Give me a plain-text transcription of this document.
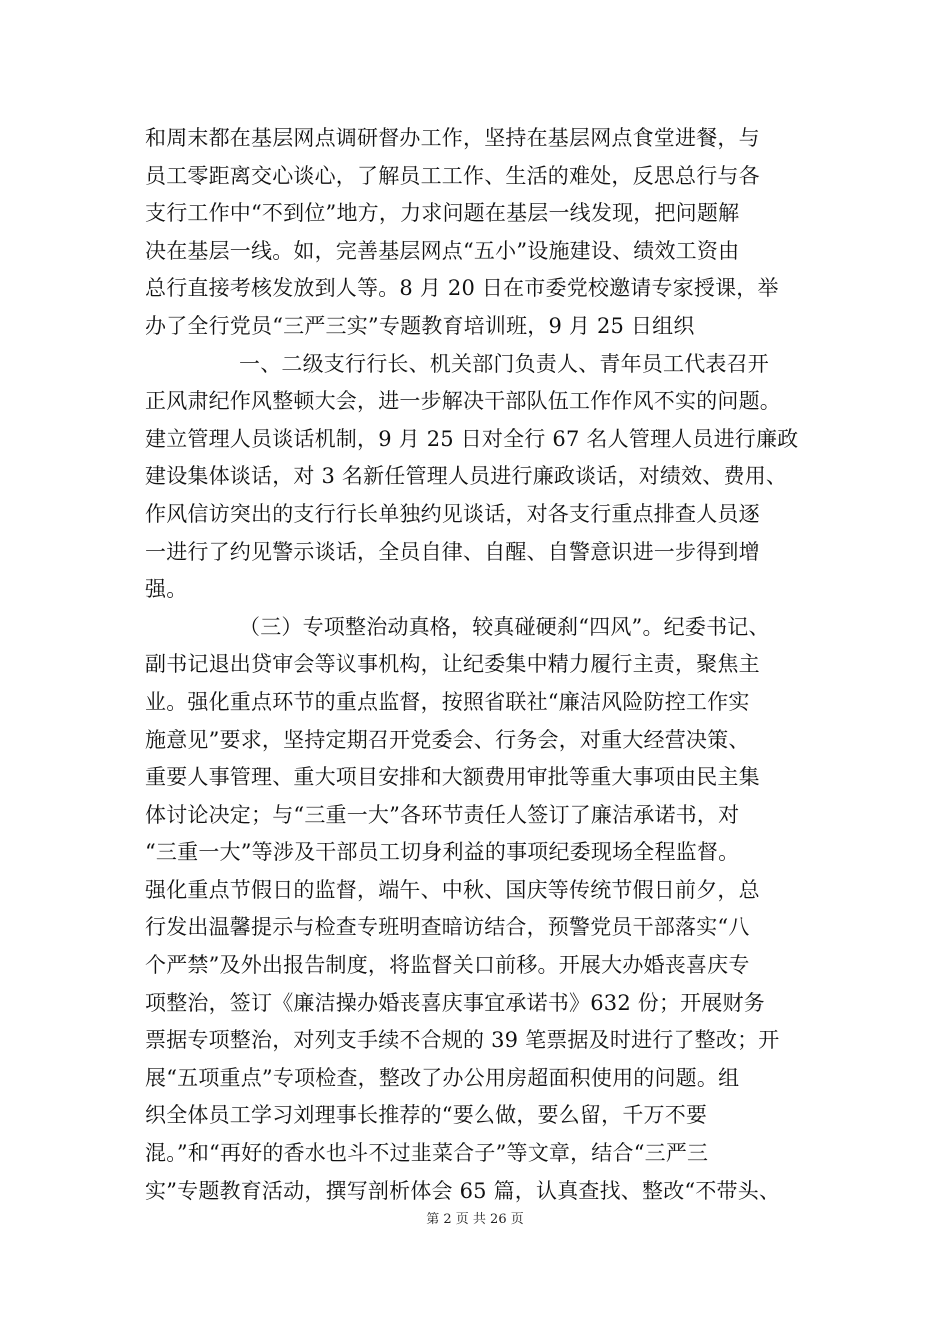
和周末都在基层网点调研督办工作，坚持在基层网点食堂进餐，与
员工零距离交心谈心，了解员工工作、生活的难处，反思总行与各
支行工作中“不到位”地方，力求问题在基层一线发现，把问题解
决在基层一线。如，完善基层网点“五小”设施建设、绩效工资由
总行直接考核发放到人等。8 月 20 日在市委党校邀请专家授课，举
办了全行党员“三严三实”专题教育培训班，9 月 25 日组织
一、二级支行行长、机关部门负责人、青年员工代表召开
正风肃纪作风整顿大会，进一步解决干部队伍工作作风不实的问题。
建立管理人员谈话机制，9 月 25 日对全行 67 名人管理人员进行廉政
建设集体谈话，对 3 名新任管理人员进行廉政谈话，对绩效、费用、
作风信访突出的支行行长单独约见谈话，对各支行重点排查人员逐
一进行了约见警示谈话，全员自律、自醒、自警意识进一步得到增
强。
（三）专项整治动真格，较真碰硬刹“四风”。纪委书记、
副书记退出贷审会等议事机构，让纪委集中精力履行主责，聚焦主
业。强化重点环节的重点监督，按照省联社“廉洁风险防控工作实
施意见”要求，坚持定期召开党委会、行务会，对重大经营决策、
重要人事管理、重大项目安排和大额费用审批等重大事项由民主集
体讨论决定；与“三重一大”各环节责任人签订了廉洁承诺书，对
“三重一大”等涉及干部员工切身利益的事项纪委现场全程监督。
强化重点节假日的监督，端午、中秋、国庆等传统节假日前夕，总
行发出温馨提示与检查专班明查暗访结合，预警党员干部落实“八
个严禁”及外出报告制度，将监督关口前移。开展大办婚丧喜庆专
项整治，签订《廉洁操办婚丧喜庆事宜承诺书》632 份；开展财务
票据专项整治，对列支手续不合规的 39 笔票据及时进行了整改；开
展“五项重点”专项检查，整改了办公用房超面积使用的问题。组
织全体员工学习刘理事长推荐的“要么做，要么留，千万不要
混。”和“再好的香水也斗不过韭菜合子”等文章，结合“三严三
实”专题教育活动，撰写剖析体会 65 篇，认真查找、整改“不带头、
第 2 页 共 26 页
